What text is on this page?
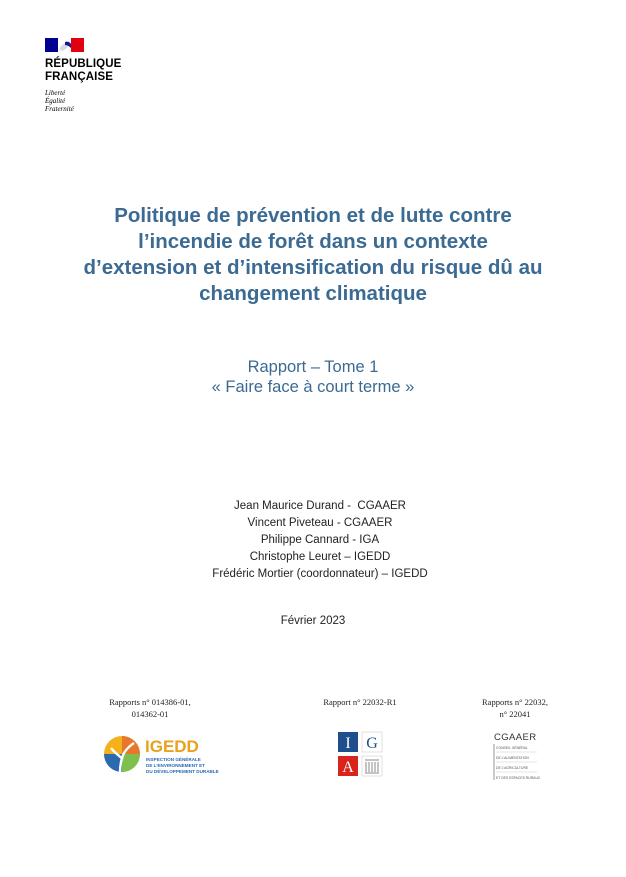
RÉPUBLIQUE
FRANÇAISE
Liberté
Égalité
Fraternité
Politique de prévention et de lutte contre
l’incendie de forêt dans un contexte
d’extension et d’intensification du risque dû au
changement climatique
Rapport – Tome 1
« Faire face à court terme »
Jean Maurice Durand -  CGAAER
Vincent Piveteau - CGAAER
Philippe Cannard - IGA
Christophe Leuret – IGEDD
Frédéric Mortier (coordonnateur) – IGEDD
Février 2023
Rapports n° 014386-01,
014362-01
Rapport n° 22032-R1	Rapports n° 22032,
n° 22041
IGEDD
INSPECTION GÉNÉRALE
DE L’ENVIRONNEMENT ET
DU DÉVELOPPEMENT DURABLE
I G
A
CGAAER
CONSEIL GÉNÉRAL
DE L’ALIMENTATION
DE L’AGRICULTURE
ET DES ESPACES RURAUX
